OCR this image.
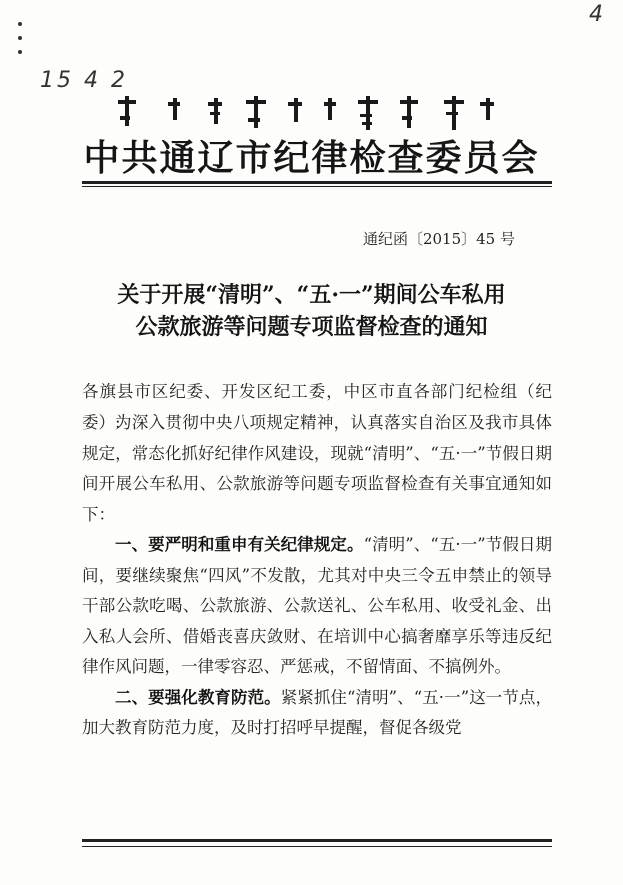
4
15 4 2
中共通辽市纪律检查委员会
通纪函〔2015〕45 号
关于开展“清明”、“五·一”期间公车私用
公款旅游等问题专项监督检查的通知

各旗县市区纪委、开发区纪工委，中区市直各部门纪检组（纪委）:

为深入贯彻中央八项规定精神，认真落实自治区及我市具体规定，常态化抓好纪律作风建设，现就“清明”、“五·一”节假日期间开展公车私用、公款旅游等问题专项监督检查有关事宜通知如下：

一、要严明和重申有关纪律规定。“清明”、“五·一”节假日期间，要继续聚焦“四风”不发散，尤其对中央三令五申禁止的领导干部公款吃喝、公款旅游、公款送礼、公车私用、收受礼金、出入私人会所、借婚丧喜庆敛财、在培训中心搞奢靡享乐等违反纪律作风问题，一律零容忍、严惩戒，不留情面、不搞例外。

二、要强化教育防范。紧紧抓住“清明”、“五·一”这一节点，加大教育防范力度，及时打招呼早提醒，督促各级党
